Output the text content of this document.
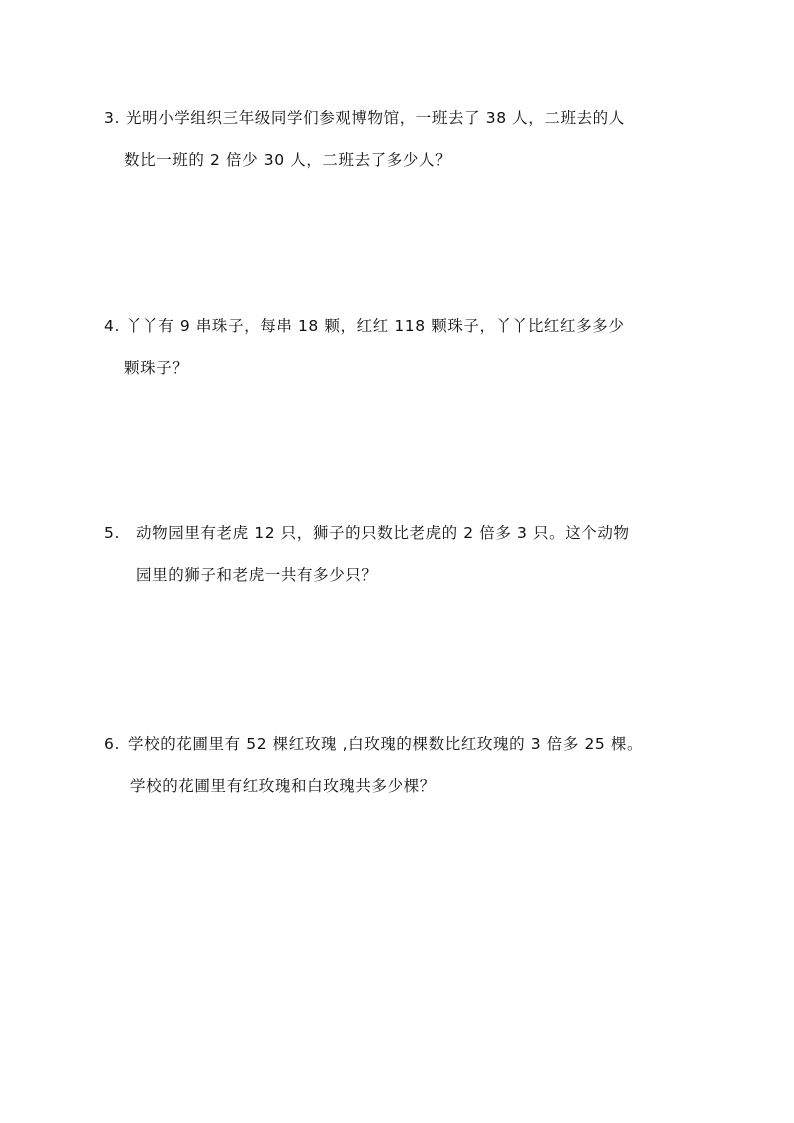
3. 光明小学组织三年级同学们参观博物馆，一班去了 38 人，二班去的人
数比一班的 2 倍少 30 人，二班去了多少人？
4. 丫丫有 9 串珠子，每串 18 颗，红红 118 颗珠子，丫丫比红红多多少
颗珠子？
5. 动物园里有老虎 12 只，狮子的只数比老虎的 2 倍多 3 只。这个动物
园里的狮子和老虎一共有多少只？
6. 学校的花圃里有 52 棵红玫瑰 ,白玫瑰的棵数比红玫瑰的 3 倍多 25 棵。
学校的花圃里有红玫瑰和白玫瑰共多少棵？
